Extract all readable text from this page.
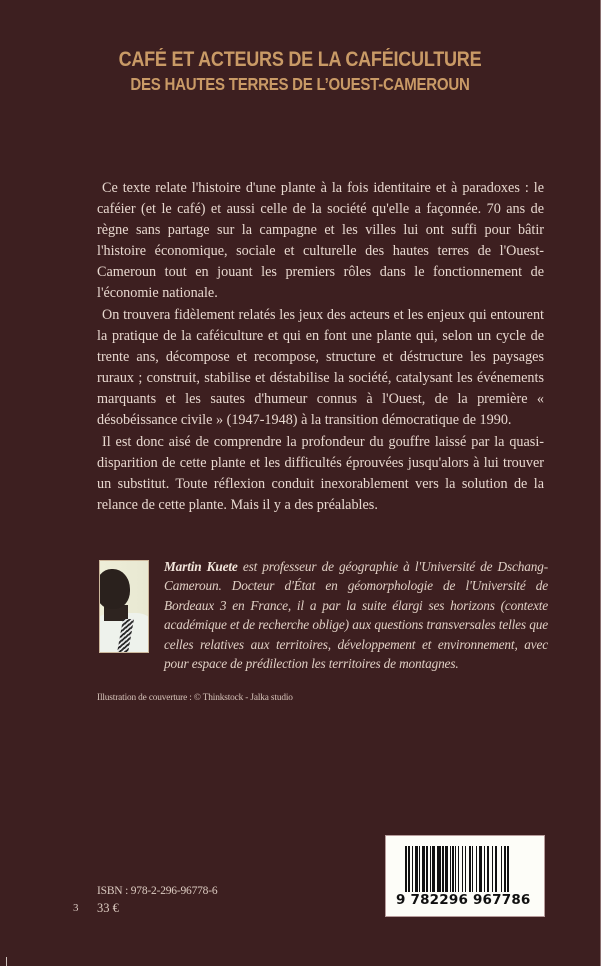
CAFÉ ET ACTEURS DE LA CAFÉICULTURE
DES HAUTES TERRES DE L’OUEST-CAMEROUN

Ce texte relate l'histoire d'une plante à la fois identitaire et à paradoxes : le caféier (et le café) et aussi celle de la société qu'elle a façonnée. 70 ans de règne sans partage sur la campagne et les villes lui ont suffi pour bâtir l'histoire économique, sociale et culturelle des hautes terres de l'Ouest-Cameroun tout en jouant les premiers rôles dans le fonctionnement de l'économie nationale.

On trouvera fidèlement relatés les jeux des acteurs et les enjeux qui entourent la pratique de la caféiculture et qui en font une plante qui, selon un cycle de trente ans, décompose et recompose, structure et déstructure les paysages ruraux ; construit, stabilise et déstabilise la société, catalysant les événements marquants et les sautes d'humeur connus à l'Ouest, de la première « désobéissance civile » (1947-1948) à la transition démocratique de 1990.

Il est donc aisé de comprendre la profondeur du gouffre laissé par la quasi-disparition de cette plante et les difficultés éprouvées jusqu'alors à lui trouver un substitut. Toute réflexion conduit inexorablement vers la solution de la relance de cette plante. Mais il y a des préalables.

Martin Kuete est professeur de géographie à l'Université de Dschang-Cameroun. Docteur d'État en géomorphologie de l'Université de Bordeaux 3 en France, il a par la suite élargi ses horizons (contexte académique et de recherche oblige) aux questions transversales telles que celles relatives aux territoires, développement et environnement, avec pour espace de prédilection les territoires de montagnes.
Illustration de couverture : © Thinkstock - Jalka studio
ISBN : 978-2-296-96778-6
33 €	9 782296 967786
3
